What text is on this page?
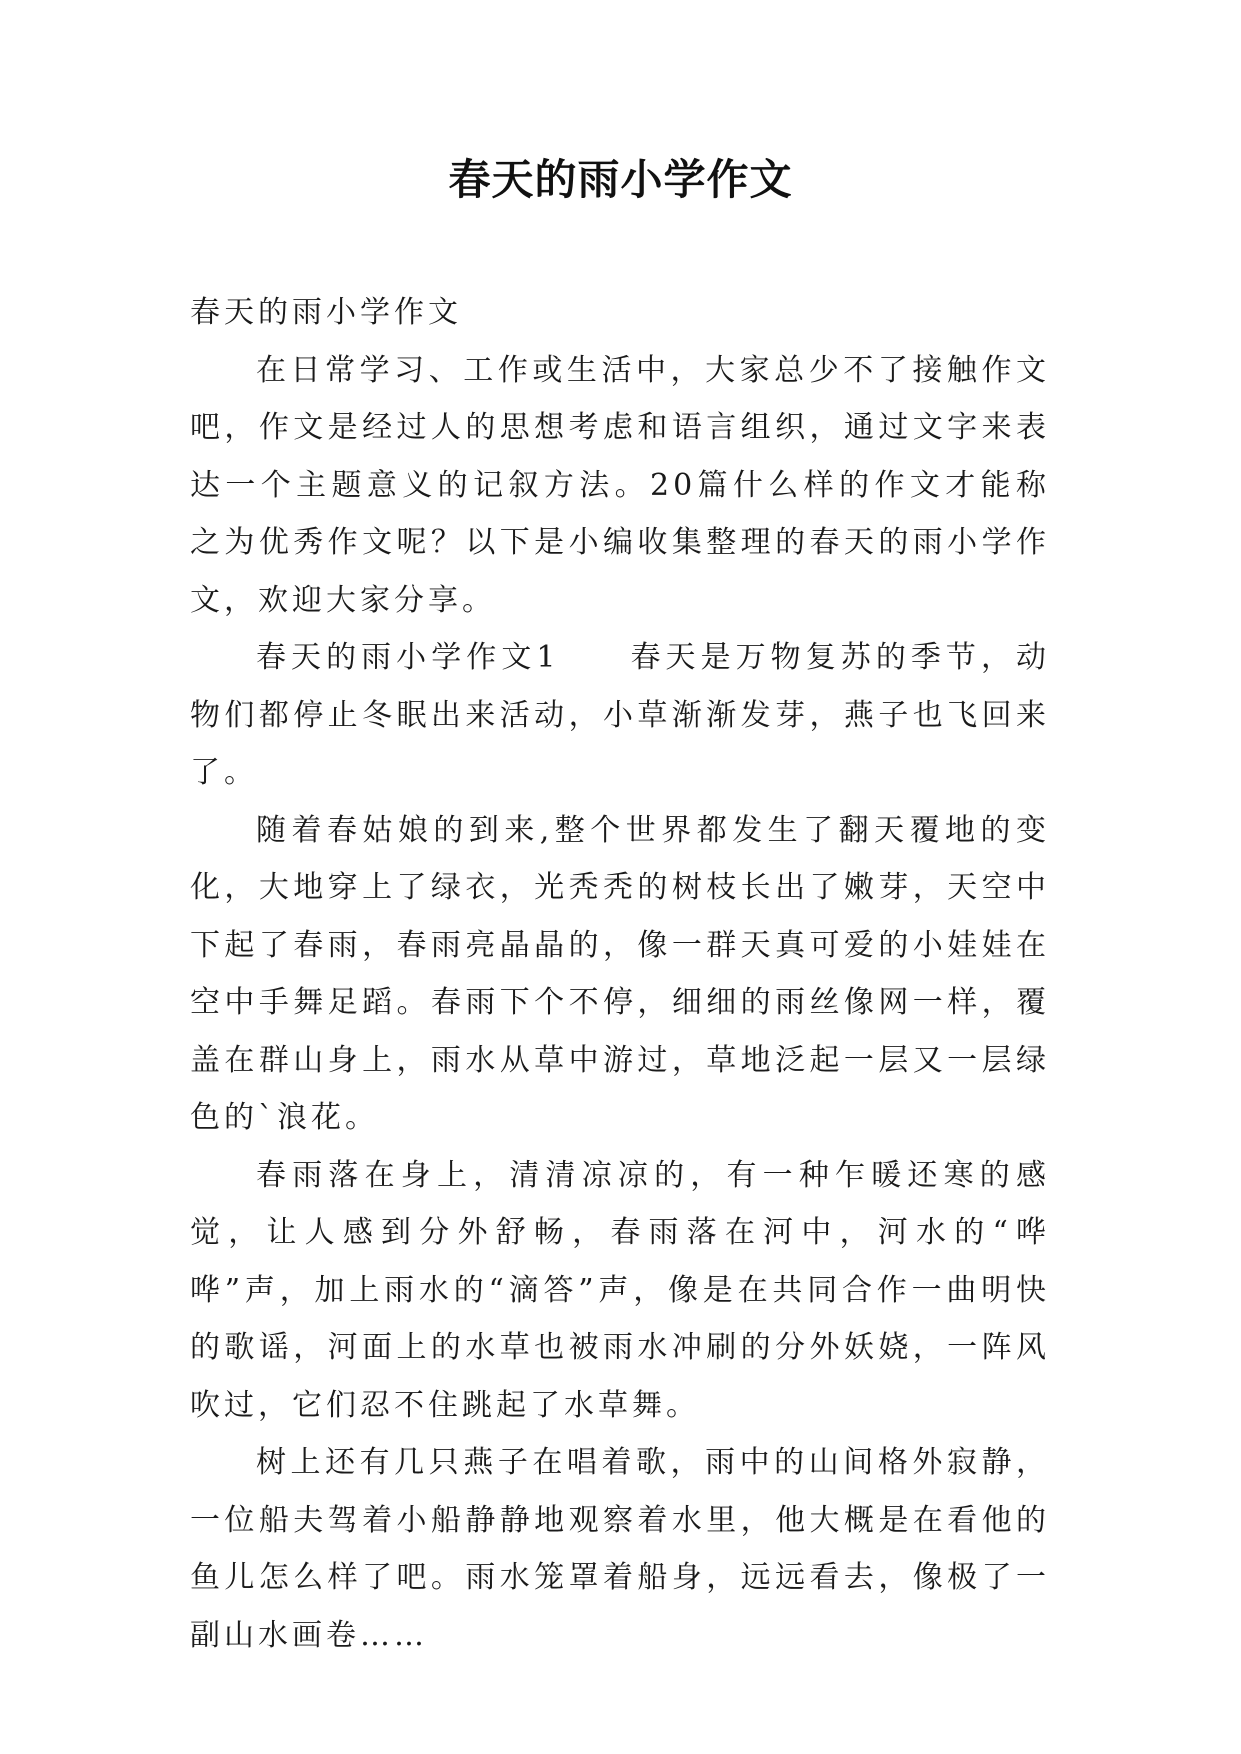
春天的雨小学作文

春天的雨小学作文

在日常学习、工作或生活中，大家总少不了接触作文吧，作文是经过人的思想考虑和语言组织，通过文字来表达一个主题意义的记叙方法。20篇什么样的作文才能称之为优秀作文呢？以下是小编收集整理的春天的雨小学作文，欢迎大家分享。

春天的雨小学作文1 春天是万物复苏的季节，动物们都停止冬眠出来活动，小草渐渐发芽，燕子也飞回来了。

随着春姑娘的到来,整个世界都发生了翻天覆地的变化，大地穿上了绿衣，光秃秃的树枝长出了嫩芽，天空中下起了春雨，春雨亮晶晶的，像一群天真可爱的小娃娃在空中手舞足蹈。春雨下个不停，细细的雨丝像网一样，覆盖在群山身上，雨水从草中游过，草地泛起一层又一层绿色的`浪花。

春雨落在身上，清清凉凉的，有一种乍暖还寒的感觉，让人感到分外舒畅，春雨落在河中，河水的“哗哗”声，加上雨水的“滴答”声，像是在共同合作一曲明快的歌谣，河面上的水草也被雨水冲刷的分外妖娆，一阵风吹过，它们忍不住跳起了水草舞。

树上还有几只燕子在唱着歌，雨中的山间格外寂静，一位船夫驾着小船静静地观察着水里，他大概是在看他的鱼儿怎么样了吧。雨水笼罩着船身，远远看去，像极了一副山水画卷……
